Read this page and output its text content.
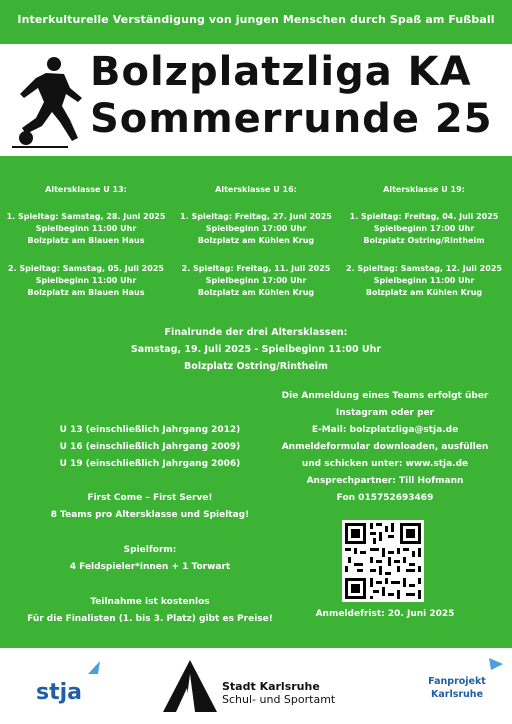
Interkulturelle Verständigung von jungen Menschen durch Spaß am Fußball
Bolzplatzliga KA
Sommerrunde 25
Altersklasse U 13:
1. Spieltag: Samstag, 28. Juni 2025
Spielbeginn 11:00 Uhr
Bolzplatz am Blauen Haus
2. Spieltag: Samstag, 05. Juli 2025
Spielbeginn 11:00 Uhr
Bolzplatz am Blauen Haus
Altersklasse U 16:
1. Spieltag: Freitag, 27. Juni 2025
Spielbeginn 17:00 Uhr
Bolzplatz am Kühlen Krug
2. Spieltag: Freitag, 11. Juli 2025
Spielbeginn 17:00 Uhr
Bolzplatz am Kühlen Krug
Altersklasse U 19:
1. Spieltag: Freitag, 04. Juli 2025
Spielbeginn 17:00 Uhr
Bolzplatz Ostring/Rintheim
2. Spieltag: Samstag, 12. Juli 2025
Spielbeginn 11:00 Uhr
Bolzplatz am Kühlen Krug
Finalrunde der drei Altersklassen:
Samstag, 19. Juli 2025 - Spielbeginn 11:00 Uhr
Bolzplatz Ostring/Rintheim
U 13 (einschließlich Jahrgang 2012)
U 16 (einschließlich Jahrgang 2009)
U 19 (einschließlich Jahrgang 2006)
First Come – First Serve!
8 Teams pro Altersklasse und Spieltag!
Spielform:
4 Feldspieler*innen + 1 Torwart
Teilnahme ist kostenlos
Für die Finalisten (1. bis 3. Platz) gibt es Preise!
Die Anmeldung eines Teams erfolgt über
Instagram oder per
E-Mail: bolzplatzliga@stja.de
Anmeldeformular downloaden, ausfüllen
und schicken unter: www.stja.de
Ansprechpartner: Till Hofmann
Fon 015752693469
Anmeldefrist: 20. Juni 2025
stja	Stadt Karlsruhe
Schul- und Sportamt
Fanprojekt
Karlsruhe
